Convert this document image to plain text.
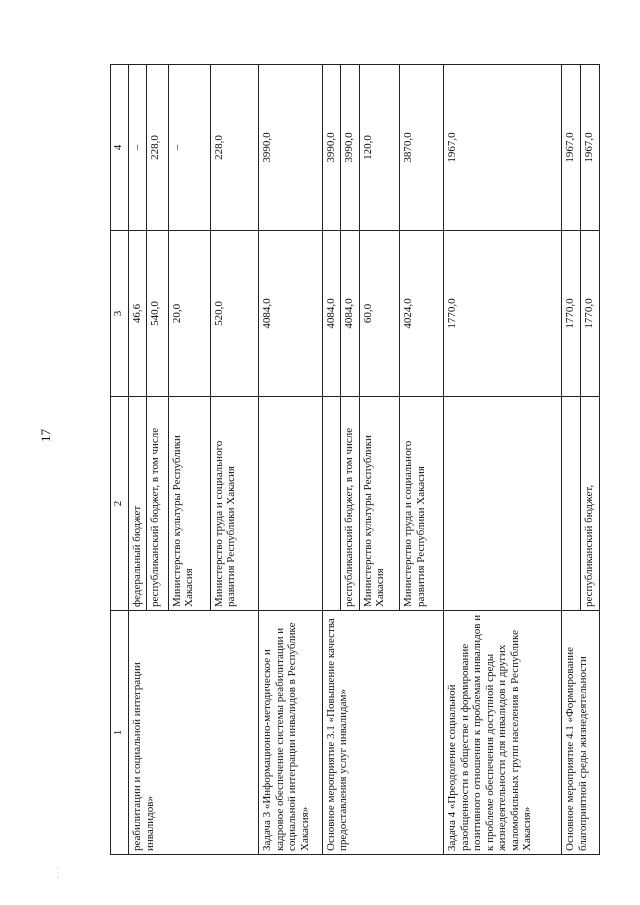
17
1	2	3	4
реабилитации и социальной интеграции инвалидов»	федеральный бюджет	46,6	–
	республиканский бюджет, в том числе	540,0	228,0
	Министерство культуры Республики Хакасия	20,0	–
	Министерство труда и социального развития Республики Хакасия	520,0	228,0
Задача 3 «Информационно-методическое и кадровое обеспечение системы реабилитации и социальной интеграции инвалидов в Республике Хакасия»		4084,0	3990,0
Основное мероприятие 3.1 «Повышение качества предоставления услуг инвалидам»		4084,0	3990,0
	республиканский бюджет, в том числе	4084,0	3990,0
	Министерство культуры Республики Хакасия	60,0	120,0
	Министерство труда и социального развития Республики Хакасия	4024,0	3870,0
Задача 4 «Преодоление социальной разобщенности в обществе и формирование позитивного отношения к проблемам инвалидов и к проблеме обеспечения доступной среды жизнедеятельности для инвалидов и других маломобильных групп населения в Республике Хакасия»		1770,0	1967,0
Основное мероприятие 4.1 «Формирование благоприятной среды жизнедеятельности		1770,0	1967,0
	республиканский бюджет,	1770,0	1967,0
. . .
